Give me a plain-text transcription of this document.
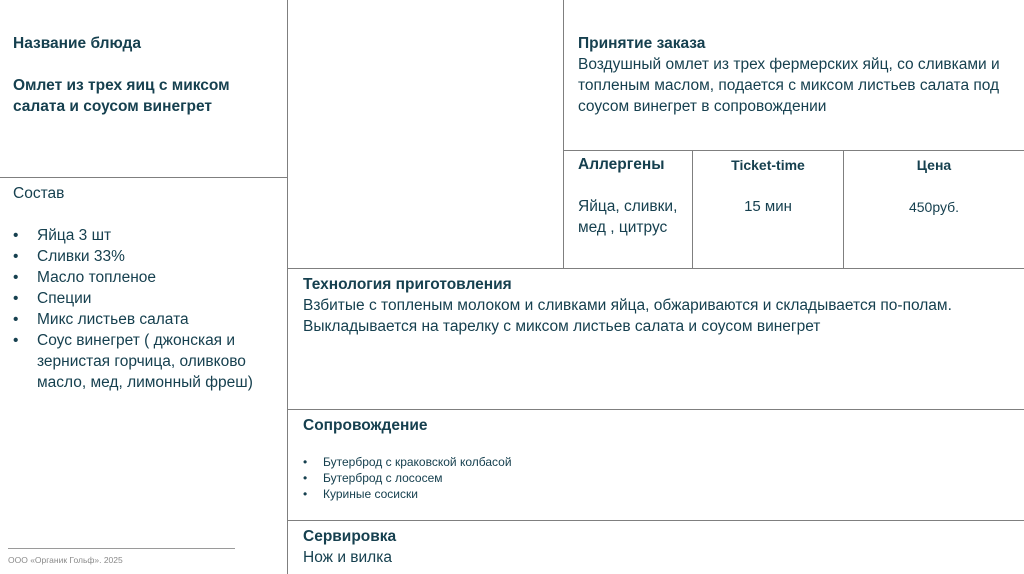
Название блюда
Омлет из трех яиц с миксом салата и соусом винегрет
Состав
• Яйца 3 шт
• Сливки 33%
• Масло топленое
• Специи
• Микс листьев салата
• Соус винегрет ( джонская и зернистая горчица, оливково масло, мед, лимонный фреш)
Принятие заказа
Воздушный омлет из трех фермерских яйц, со сливками и топленым маслом, подается с миксом листьев салата под соусом винегрет в сопровождении
Аллергены
Яйца, сливки, мед , цитрус
Ticket-time
15 мин
Цена
450руб.
Технология приготовления
Взбитые с топленым молоком и сливками яйца, обжариваются и складывается по-полам. Выкладывается на тарелку с миксом листьев салата и соусом винегрет
Сопровождение
• Бутерброд с краковской колбасой
• Бутерброд с лососем
• Куриные сосиски
Сервировка
Нож и вилка
ООО «Органик Гольф». 2025
